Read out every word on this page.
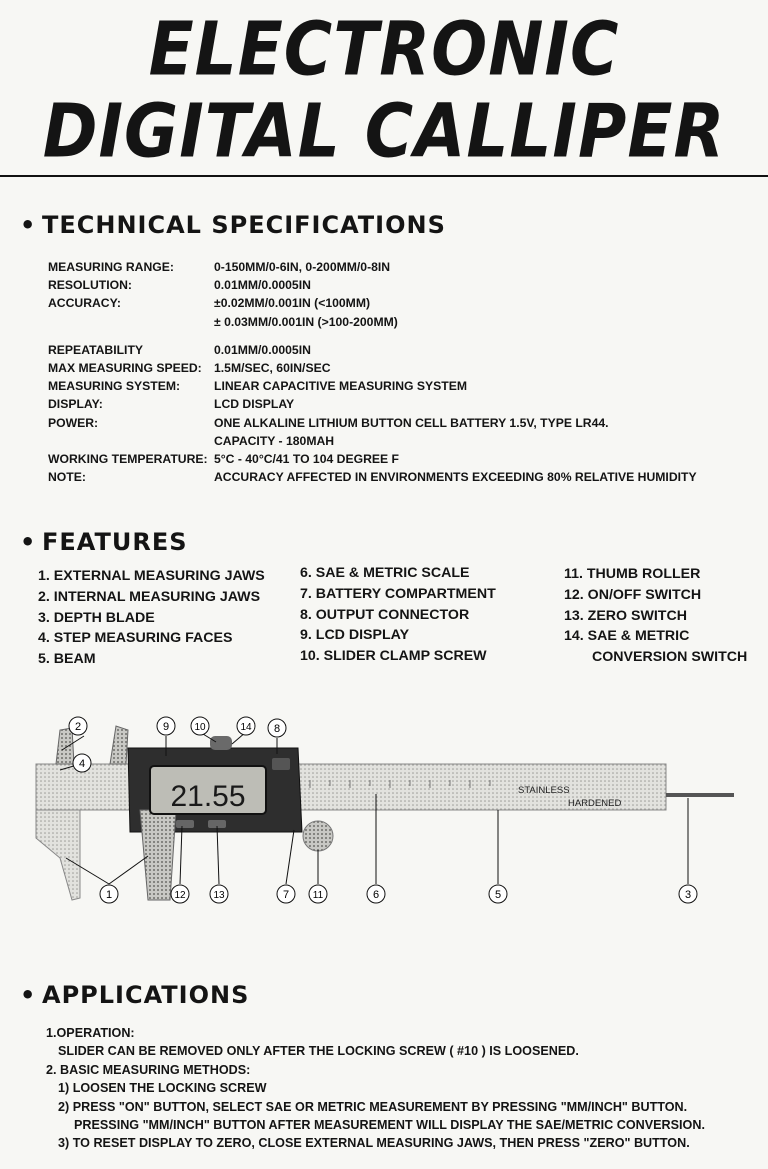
ELECTRONIC
DIGITAL CALLIPER
• TECHNICAL SPECIFICATIONS
MEASURING RANGE:	0-150MM/0-6IN, 0-200MM/0-8IN
RESOLUTION:	0.01MM/0.0005IN
ACCURACY:	±0.02MM/0.001IN (<100MM)
± 0.03MM/0.001IN (>100-200MM)
REPEATABILITY	0.01MM/0.0005IN
MAX MEASURING SPEED:	1.5M/SEC, 60IN/SEC
MEASURING SYSTEM:	LINEAR CAPACITIVE MEASURING SYSTEM
DISPLAY:	LCD DISPLAY
POWER:	ONE ALKALINE LITHIUM BUTTON CELL BATTERY 1.5V, TYPE LR44.
CAPACITY - 180MAH
WORKING TEMPERATURE: 5°C - 40°C/41 TO 104 DEGREE F
NOTE:	ACCURACY AFFECTED IN ENVIRONMENTS EXCEEDING 80% RELATIVE HUMIDITY
• FEATURES
1. EXTERNAL MEASURING JAWS
2. INTERNAL MEASURING JAWS
3. DEPTH BLADE
4. STEP MEASURING FACES
5. BEAM
6. SAE & METRIC SCALE
7. BATTERY COMPARTMENT
8. OUTPUT CONNECTOR
9. LCD DISPLAY
10. SLIDER CLAMP SCREW
11. THUMB ROLLER
12. ON/OFF SWITCH
13. ZERO SWITCH
14. SAE & METRIC
CONVERSION SWITCH
STAINLESS
HARDENED
21.55
2
4
9	10	14 8
1	12	13	7 11	6	5	3
• APPLICATIONS
1.OPERATION:
SLIDER CAN BE REMOVED ONLY AFTER THE LOCKING SCREW ( #10 ) IS LOOSENED.
2. BASIC MEASURING METHODS:
1) LOOSEN THE LOCKING SCREW
2) PRESS "ON" BUTTON, SELECT SAE OR METRIC MEASUREMENT BY PRESSING "MM/INCH" BUTTON.
PRESSING "MM/INCH" BUTTON AFTER MEASUREMENT WILL DISPLAY THE SAE/METRIC CONVERSION.
3) TO RESET DISPLAY TO ZERO, CLOSE EXTERNAL MEASURING JAWS, THEN PRESS "ZERO" BUTTON.
